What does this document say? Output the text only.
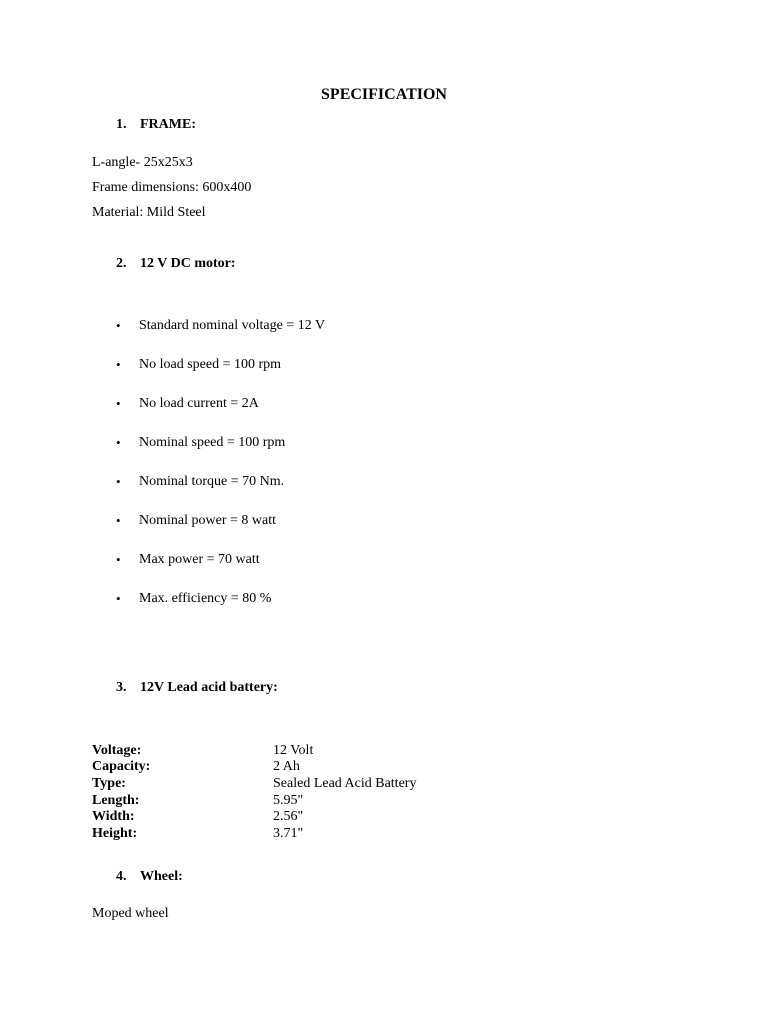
SPECIFICATION
1. FRAME:
L-angle- 25x25x3
Frame dimensions: 600x400
Material: Mild Steel
2. 12 V DC motor:
• Standard nominal voltage = 12 V
• No load speed = 100 rpm
• No load current = 2A
• Nominal speed = 100 rpm
• Nominal torque = 70 Nm.
• Nominal power = 8 watt
• Max power = 70 watt
• Max. efficiency = 80 %
3. 12V Lead acid battery:
Voltage:	12 Volt
Capacity:	2 Ah
Type:	Sealed Lead Acid Battery
Length:	5.95"
Width:	2.56"
Height:	3.71"
4. Wheel:
Moped wheel
